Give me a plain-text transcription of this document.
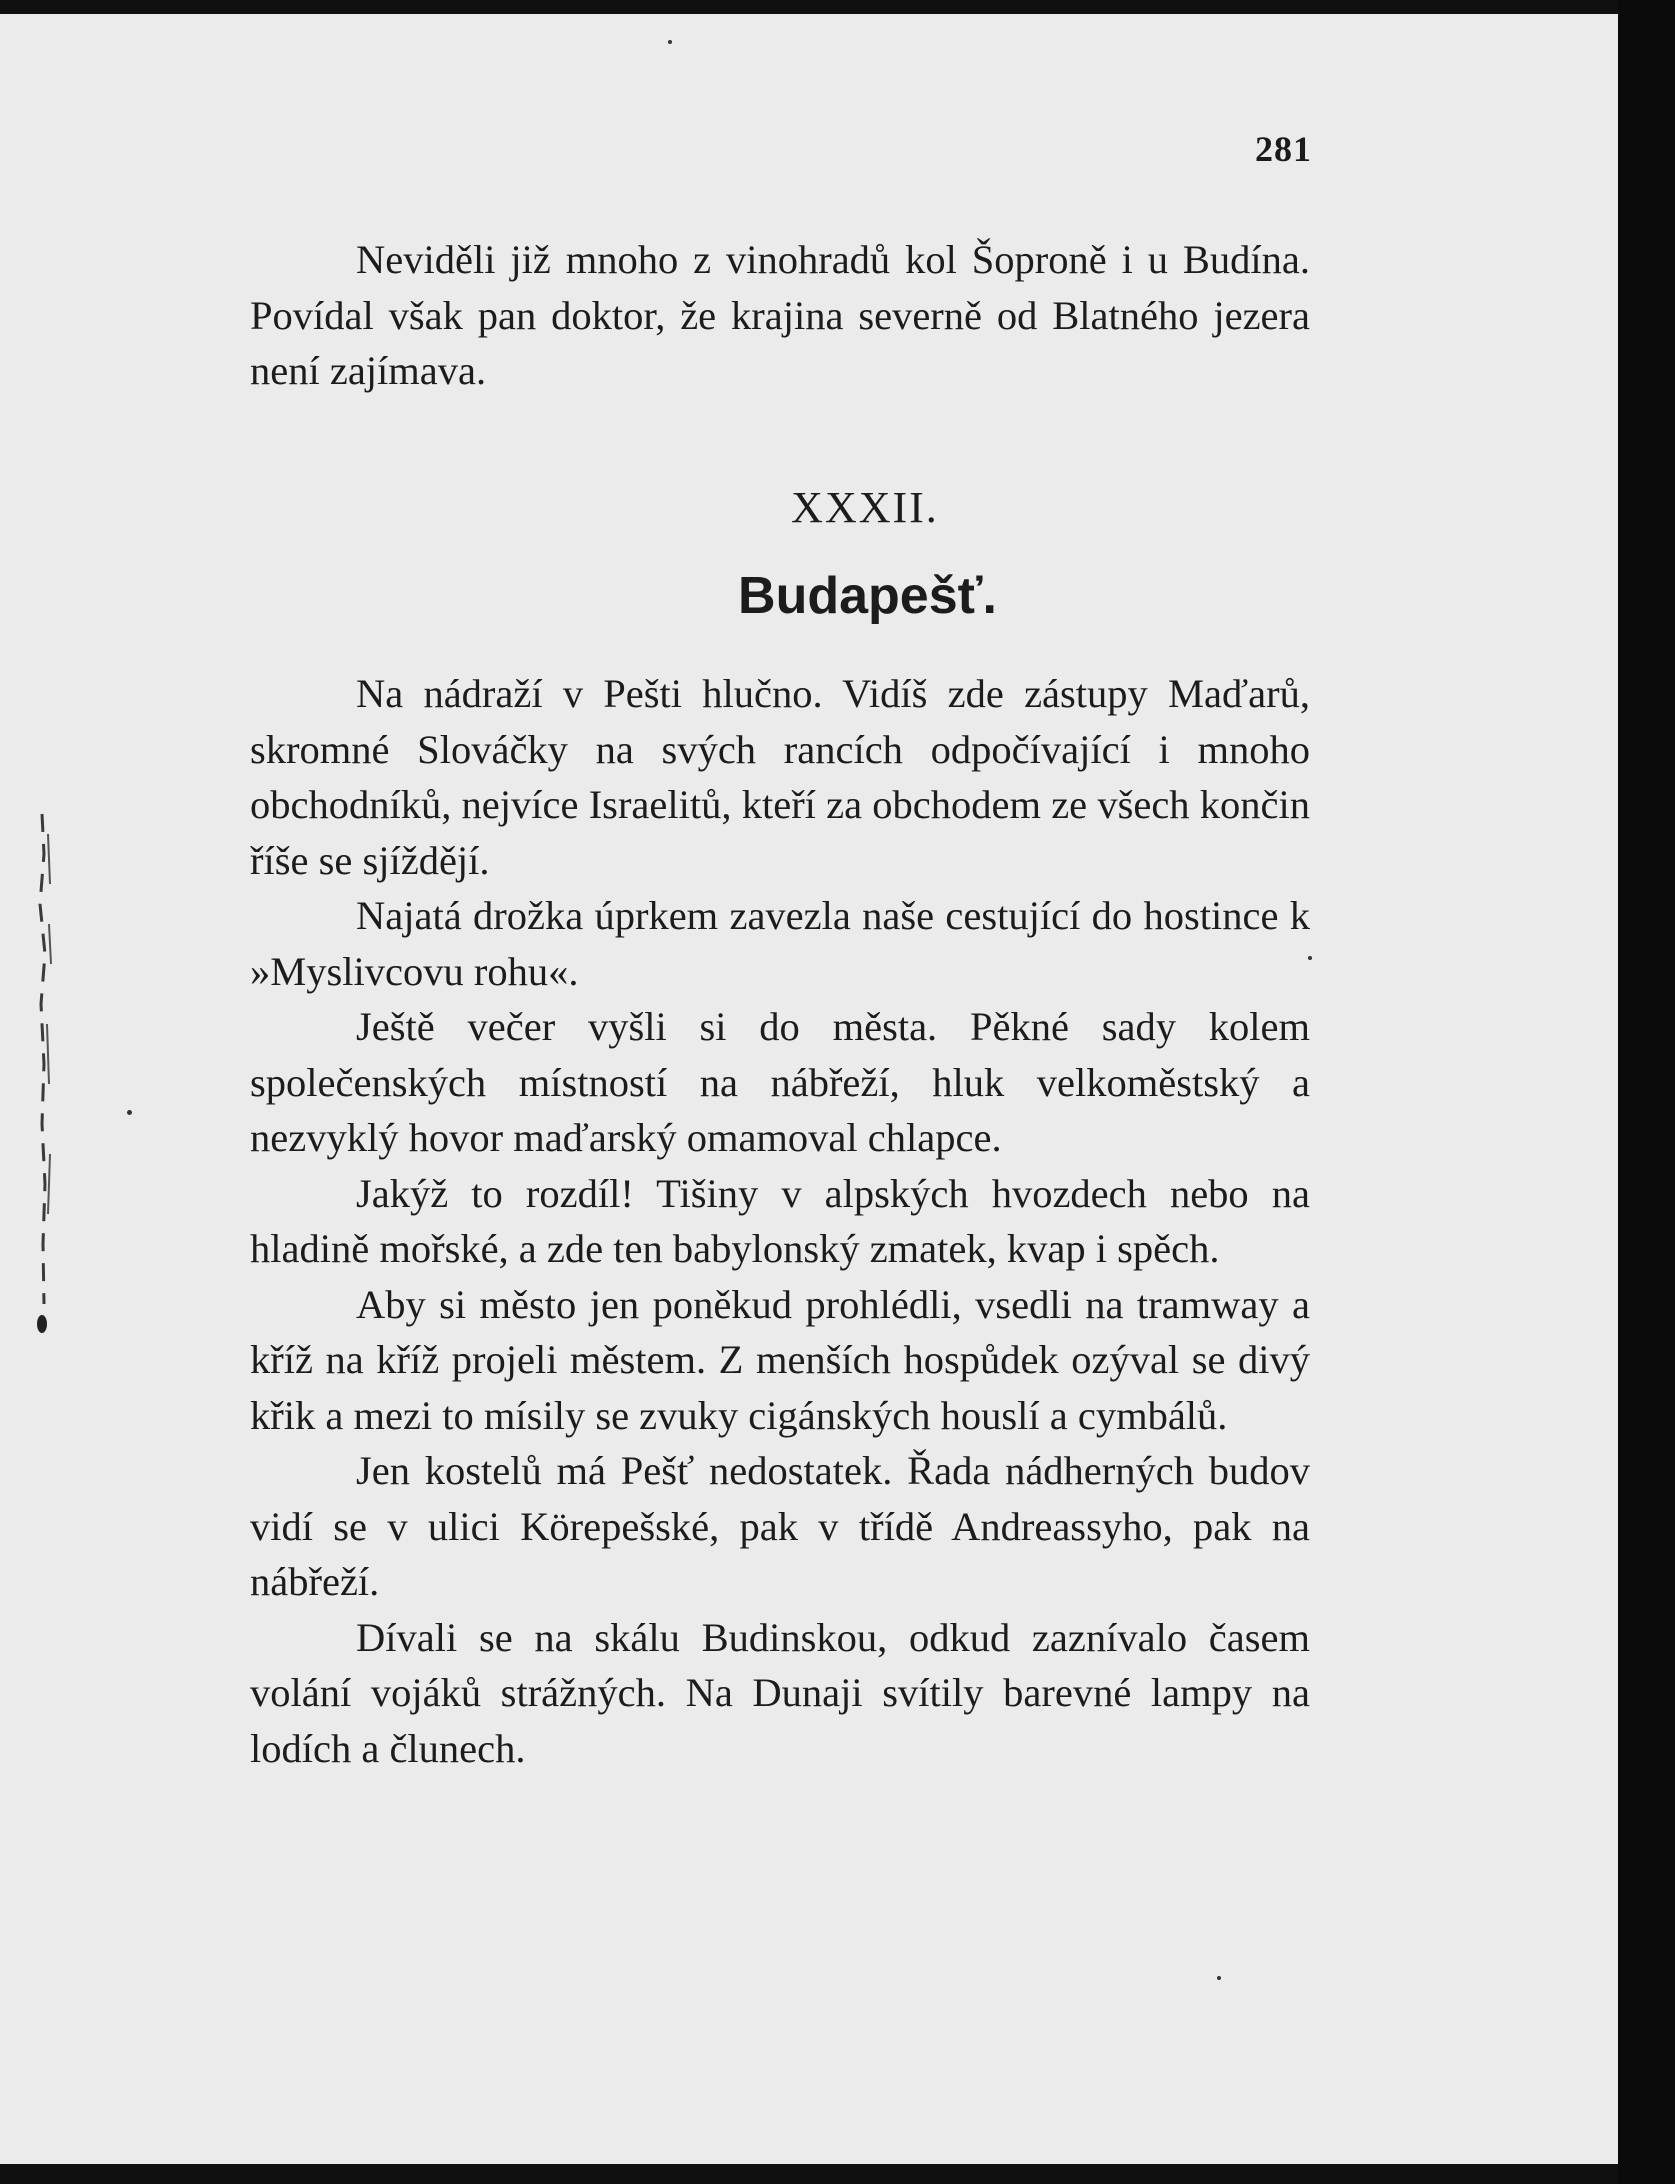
281

Neviděli již mnoho z vinohradů kol Šoproně i u Budína. Povídal však pan doktor, že krajina severně od Blatného jezera není zajímava.

XXXII.
Budapešť.

Na nádraží v Pešti hlučno. Vidíš zde zástupy Maďarů, skromné Slováčky na svých rancích odpočívající i mnoho obchodníků, nejvíce Israelitů, kteří za obchodem ze všech končin říše se sjíždějí.

Najatá drožka úprkem zavezla naše cestující do hostince k »Myslivcovu rohu«.

Ještě večer vyšli si do města. Pěkné sady kolem společenských místností na nábřeží, hluk velkoměstský a nezvyklý hovor maďarský omamoval chlapce.

Jakýž to rozdíl! Tišiny v alpských hvozdech nebo na hladině mořské, a zde ten babylonský zmatek, kvap i spěch.

Aby si město jen poněkud prohlédli, vsedli na tramway a kříž na kříž projeli městem. Z menších hospůdek ozýval se divý křik a mezi to mísily se zvuky cigánských houslí a cymbálů.

Jen kostelů má Pešť nedostatek. Řada nádherných budov vidí se v ulici Körepešské, pak v třídě Andreassyho, pak na nábřeží.

Dívali se na skálu Budinskou, odkud zaznívalo časem volání vojáků strážných. Na Dunaji svítily barevné lampy na lodích a člunech.
